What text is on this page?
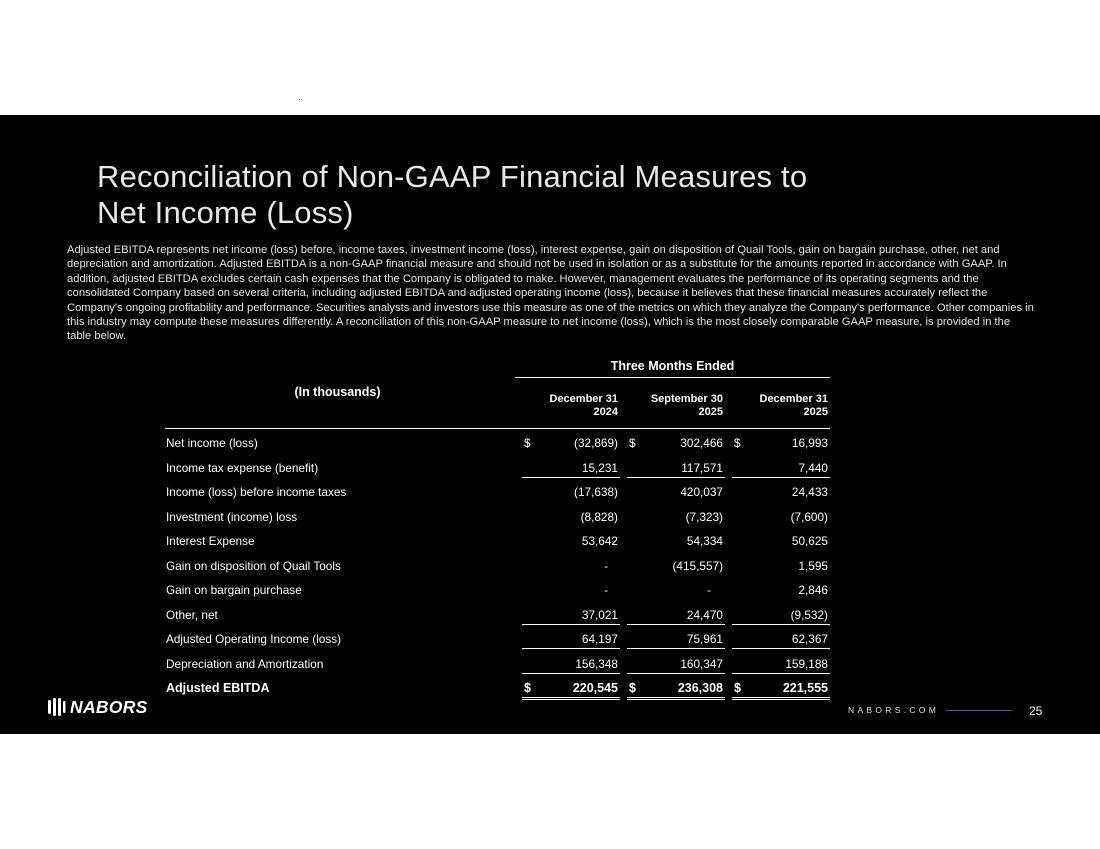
Reconciliation of Non-GAAP Financial Measures to
Net Income (Loss)
Adjusted EBITDA represents net income (loss) before, income taxes, investment income (loss), interest expense, gain on disposition of Quail Tools, gain on bargain purchase, other, net and depreciation and amortization. Adjusted EBITDA is a non-GAAP financial measure and should not be used in isolation or as a substitute for the amounts reported in accordance with GAAP. In addition, adjusted EBITDA excludes certain cash expenses that the Company is obligated to make. However, management evaluates the performance of its operating segments and the consolidated Company based on several criteria, including adjusted EBITDA and adjusted operating income (loss), because it believes that these financial measures accurately reflect the Company's ongoing profitability and performance. Securities analysts and investors use this measure as one of the metrics on which they analyze the Company's performance. Other companies in this industry may compute these measures differently. A reconciliation of this non-GAAP measure to net income (loss), which is the most closely comparable GAAP measure, is provided in the table below.
Three Months Ended
(In thousands)	December 31
2024
September 30
2025
December 31
2025
Net income (loss)	$	(32,869) $	302,466 $	16,993
Income tax expense (benefit)	15,231	117,571	7,440
Income (loss) before income taxes	(17,638)	420,037	24,433
Investment (income) loss	(8,828)	(7,323)	(7,600)
Interest Expense	53,642	54,334	50,625
Gain on disposition of Quail Tools	-	(415,557)	1,595
Gain on bargain purchase	-	-	2,846
Other, net	37,021	24,470	(9,532)
Adjusted Operating Income (loss)	64,197	75,961	62,367
Depreciation and Amortization	156,348	160,347	159,188
Adjusted EBITDA	$	220,545 $	236,308 $	221,555
NABORS	NABORS.COM	25
